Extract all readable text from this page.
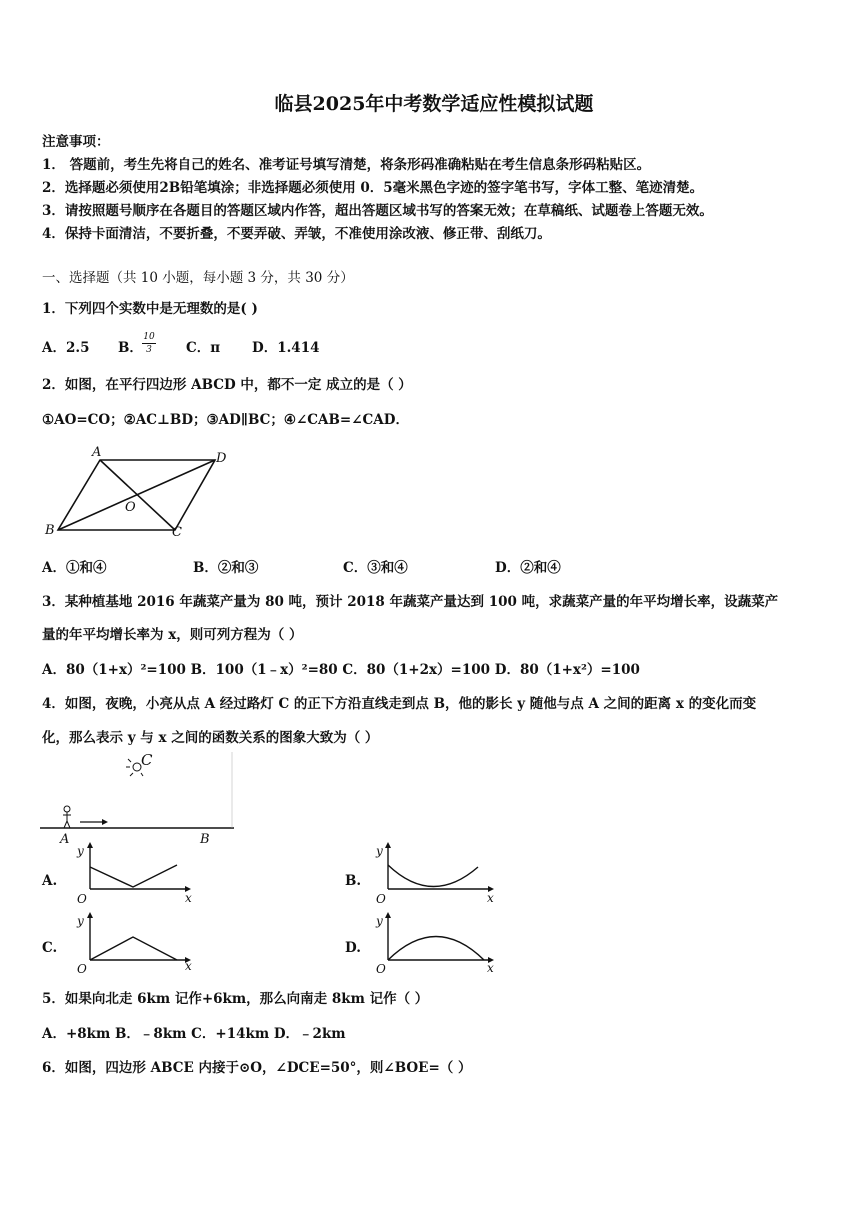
临县2025年中考数学适应性模拟试题
注意事项：
1． 答题前，考生先将自己的姓名、准考证号填写清楚，将条形码准确粘贴在考生信息条形码粘贴区。
2．选择题必须使用2B铅笔填涂；非选择题必须使用 0．5毫米黑色字迹的签字笔书写，字体工整、笔迹清楚。
3．请按照题号顺序在各题目的答题区域内作答，超出答题区域书写的答案无效；在草稿纸、试题卷上答题无效。
4．保持卡面清洁，不要折叠，不要弄破、弄皱，不准使用涂改液、修正带、刮纸刀。
一、选择题（共 10 小题，每小题 3 分，共 30 分）
1．下列四个实数中是无理数的是( )
A．2.5 B．
10
3	C．π D．1.414
2．如图，在平行四边形 ABCD 中，都不一定 成立的是（ ）
①AO=CO；②AC⊥BD；③AD∥BC；④∠CAB=∠CAD．
A	D
B	C
O
A．①和④	B．②和③	C．③和④	D．②和④
3．某种植基地 2016 年蔬菜产量为 80 吨，预计 2018 年蔬菜产量达到 100 吨，求蔬菜产量的年平均增长率，设蔬菜产
量的年平均增长率为 x，则可列方程为（ ）
A．80（1+x）²=100 B．100（1﹣x）²=80 C．80（1+2x）=100 D．80（1+x²）=100
4．如图，夜晚，小亮从点 A 经过路灯 C 的正下方沿直线走到点 B，他的影长 y 随他与点 A 之间的距离 x 的变化而变
化，那么表示 y 与 x 之间的函数关系的图象大致为（ ）
C
A	B
A.
y
x
O
B.
y
x
O
C.
y
x
O
D.
y
x
O
5．如果向北走 6km 记作+6km，那么向南走 8km 记作（ ）
A．+8km B．﹣8km C．+14km D．﹣2km
6．如图，四边形 ABCE 内接于⊙O，∠DCE=50°，则∠BOE=（ ）
